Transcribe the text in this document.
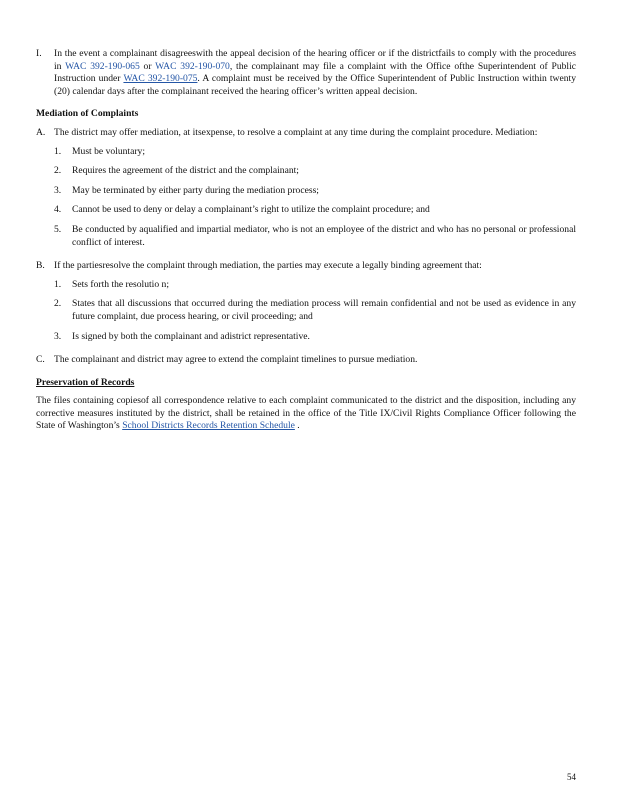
I.	In the event a complainant disagreeswith the appeal decision of the hearing officer or if the districtfails to comply with the procedures in WAC 392-190-065 or WAC 392-190-070, the complainant may file a complaint with the Office ofthe Superintendent of Public Instruction under WAC 392-190-075. A complaint must be received by the Office Superintendent of Public Instruction within twenty (20) calendar days after the complainant received the hearing officer’s written appeal decision.
Mediation of Complaints
A. The district may offer mediation, at itsexpense, to resolve a complaint at any time during the complaint procedure. Mediation:
1.	Must be voluntary;
2.	Requires the agreement of the district and the complainant;
3.	May be terminated by either party during the mediation process;
4.	Cannot be used to deny or delay a complainant’s right to utilize the complaint procedure; and
5.	Be conducted by aqualified and impartial mediator, who is not an employee of the district and who has no personal or professional conflict of interest.
B. If the partiesresolve the complaint through mediation, the parties may execute a legally binding agreement that:
1.	Sets forth the resolutio n;
2.	States that all discussions that occurred during the mediation process will remain confidential and not be used as evidence in any future complaint, due process hearing, or civil proceeding; and
3.	Is signed by both the complainant and adistrict representative.
C. The complainant and district may agree to extend the complaint timelines to pursue mediation.
Preservation of Records
The files containing copiesof all correspondence relative to each complaint communicated to the district and the disposition, including any corrective measures instituted by the district, shall be retained in the office of the Title IX/Civil Rights Compliance Officer following the State of Washington’s School Districts Records Retention Schedule .
54
